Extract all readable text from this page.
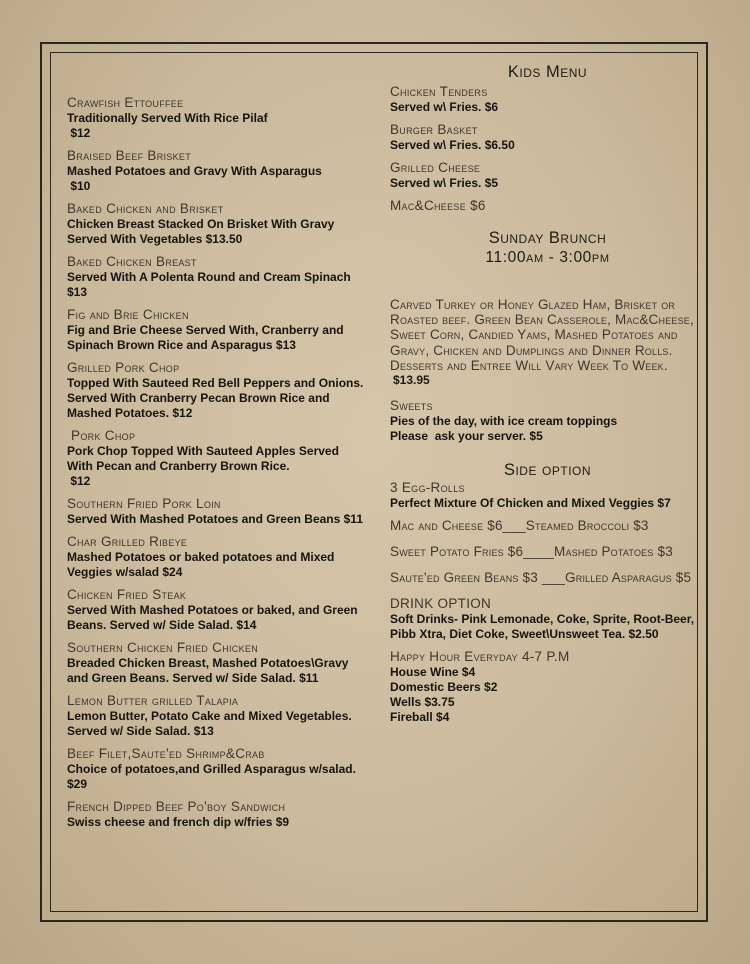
Crawfish Ettouffee
Traditionally Served With Rice Pilaf
$12
Braised Beef Brisket
Mashed Potatoes and Gravy With Asparagus
$10
Baked Chicken and Brisket
Chicken Breast Stacked On Brisket With Gravy Served With Vegetables $13.50
Baked Chicken Breast
Served With A Polenta Round and Cream Spinach $13
Fig and Brie Chicken
Fig and Brie Cheese Served With, Cranberry and Spinach Brown Rice and Asparagus $13
Grilled Pork Chop
Topped With Sauteed Red Bell Peppers and Onions. Served With Cranberry Pecan Brown Rice and Mashed Potatoes. $12
Pork Chop
Pork Chop Topped With Sauteed Apples Served With Pecan and Cranberry Brown Rice.
$12
Southern Fried Pork Loin
Served With Mashed Potatoes and Green Beans $11
Char Grilled Ribeye
Mashed Potatoes or baked potatoes and Mixed Veggies w/salad $24
Chicken Fried Steak
Served With Mashed Potatoes or baked, and Green Beans. Served w/ Side Salad. $14
Southern Chicken Fried Chicken
Breaded Chicken Breast, Mashed Potatoes\Gravy and Green Beans. Served w/ Side Salad. $11
Lemon Butter grilled Talapia
Lemon Butter, Potato Cake and Mixed Vegetables. Served w/ Side Salad. $13
Beef Filet,Saute'ed Shrimp&Crab
Choice of potatoes,and Grilled Asparagus w/salad.
$29
French Dipped Beef Po'boy Sandwich
Swiss cheese and french dip w/fries $9
Kids Menu
Chicken Tenders
Served w\ Fries. $6
Burger Basket
Served w\ Fries. $6.50
Grilled Cheese
Served w\ Fries. $5
Mac&Cheese $6
Sunday Brunch
11:00am - 3:00pm
Carved Turkey or Honey Glazed Ham, Brisket or Roasted beef. Green Bean Casserole, Mac&Cheese, Sweet Corn, Candied Yams, Mashed Potatoes and Gravy, Chicken and Dumplings and Dinner Rolls. Desserts and Entree Will Vary Week To Week.
$13.95
Sweets
Pies of the day, with ice cream toppings
Please  ask your server. $5
Side option
3 Egg-Rolls
Perfect Mixture Of Chicken and Mixed Veggies $7
Mac and Cheese $6___Steamed Broccoli $3
Sweet Potato Fries $6____Mashed Potatoes $3
Saute'ed Green Beans $3 ___Grilled Asparagus $5
DRINK OPTION
Soft Drinks- Pink Lemonade, Coke, Sprite, Root-Beer, Pibb Xtra, Diet Coke, Sweet\Unsweet Tea. $2.50
Happy Hour Everyday 4-7 P.M
House Wine $4
Domestic Beers $2
Wells $3.75
Fireball $4
